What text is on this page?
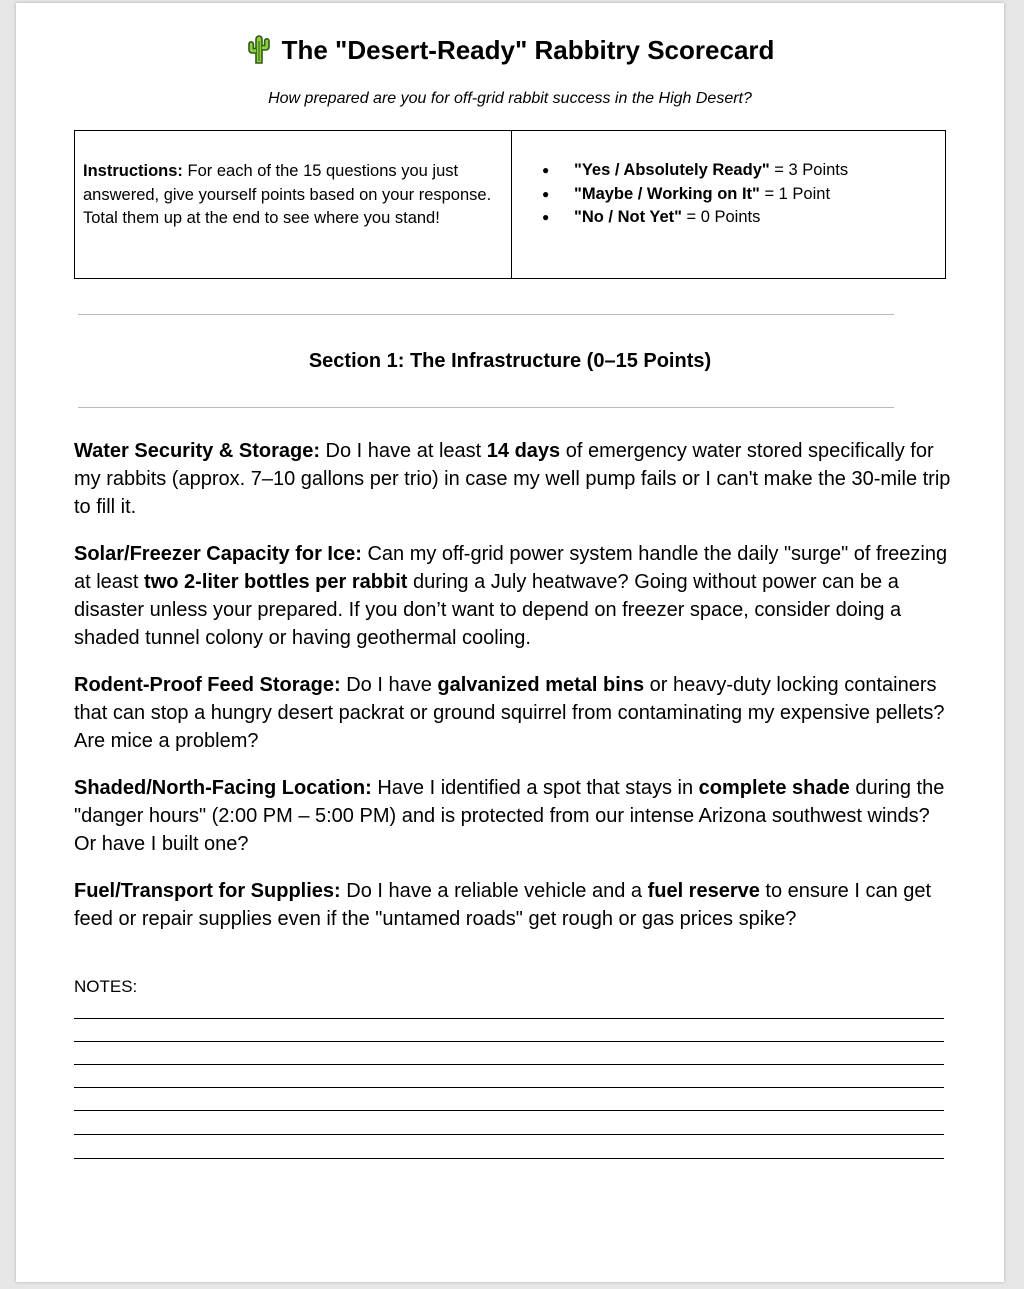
The "Desert-Ready" Rabbitry Scorecard
How prepared are you for off-grid rabbit success in the High Desert?
Instructions: For each of the 15 questions you just answered, give yourself points based on your response. Total them up at the end to see where you stand!
● "Yes / Absolutely Ready" = 3 Points
● "Maybe / Working on It" = 1 Point
● "No / Not Yet" = 0 Points
Section 1: The Infrastructure (0–15 Points)

Water Security & Storage: Do I have at least 14 days of emergency water stored specifically for my rabbits (approx. 7–10 gallons per trio) in case my well pump fails or I can't make the 30-mile trip to fill it.

Solar/Freezer Capacity for Ice: Can my off-grid power system handle the daily "surge" of freezing at least two 2-liter bottles per rabbit during a July heatwave? Going without power can be a disaster unless your prepared. If you don’t want to depend on freezer space, consider doing a shaded tunnel colony or having geothermal cooling.

Rodent-Proof Feed Storage: Do I have galvanized metal bins or heavy-duty locking containers that can stop a hungry desert packrat or ground squirrel from contaminating my expensive pellets? Are mice a problem?

Shaded/North-Facing Location: Have I identified a spot that stays in complete shade during the "danger hours" (2:00 PM – 5:00 PM) and is protected from our intense Arizona southwest winds? Or have I built one?

Fuel/Transport for Supplies: Do I have a reliable vehicle and a fuel reserve to ensure I can get feed or repair supplies even if the "untamed roads" get rough or gas prices spike?

NOTES:
